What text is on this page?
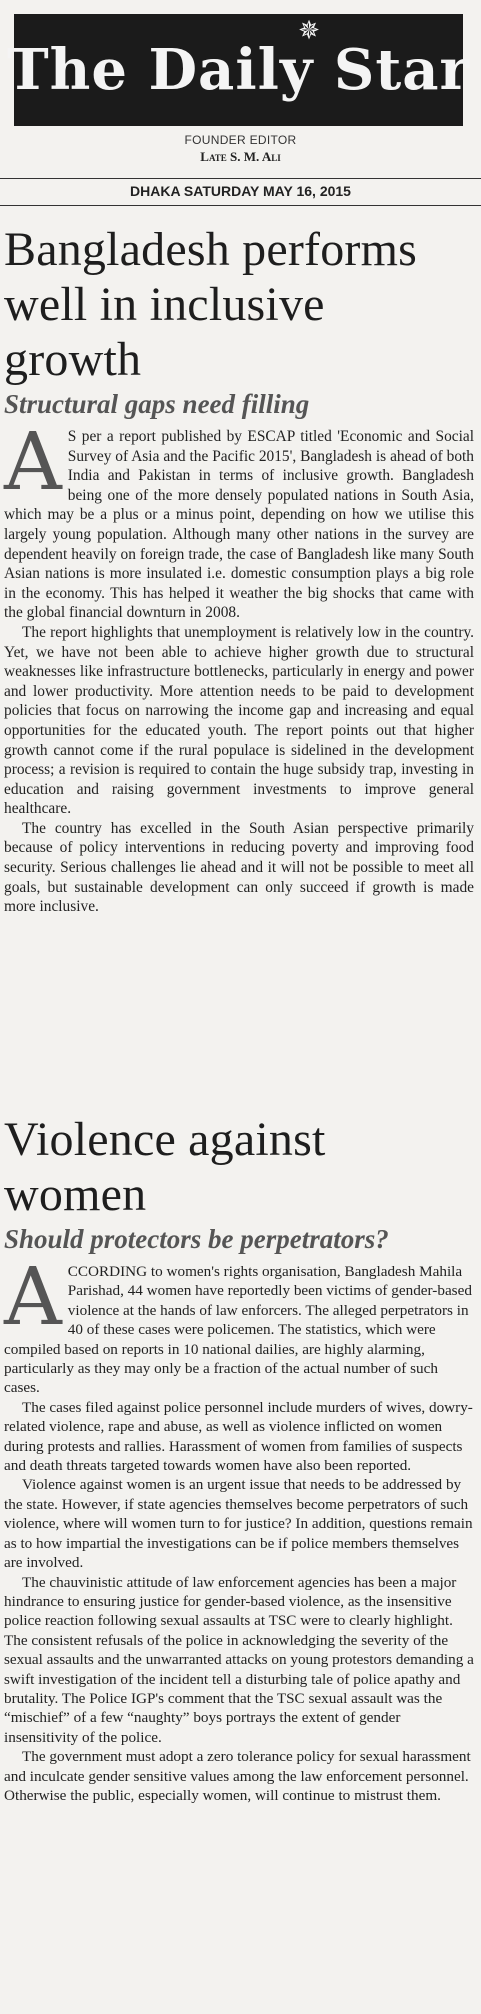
✵
The Daily Star
FOUNDER EDITOR
Late S. M. Ali
DHAKA SATURDAY MAY 16, 2015
Bangladesh performs well in inclusive growth
Structural gaps need filling
A S per a report published by ESCAP titled 'Economic and Social Survey of Asia and the Pacific 2015', Bangladesh is ahead of both India and Pakistan in terms of inclusive growth. Bangladesh being one of the more densely populated nations in South Asia, which may be a plus or a minus point, depending on how we utilise this largely young population. Although many other nations in the survey are dependent heavily on foreign trade, the case of Bangladesh like many South Asian nations is more insulated i.e. domestic consumption plays a big role in the economy. This has helped it weather the big shocks that came with the global financial downturn in 2008.

The report highlights that unemployment is relatively low in the country. Yet, we have not been able to achieve higher growth due to structural weaknesses like infrastructure bottlenecks, particularly in energy and power and lower productivity. More attention needs to be paid to development policies that focus on narrowing the income gap and increasing and equal opportunities for the educated youth. The report points out that higher growth cannot come if the rural populace is sidelined in the development process; a revision is required to contain the huge subsidy trap, investing in education and raising government investments to improve general healthcare.

The country has excelled in the South Asian perspective primarily because of policy interventions in reducing poverty and improving food security. Serious challenges lie ahead and it will not be possible to meet all goals, but sustainable development can only succeed if growth is made more inclusive.

Violence against women
Should protectors be perpetrators?
A CCORDING to women's rights organisation, Bangladesh Mahila Parishad, 44 women have reportedly been victims of gender-based violence at the hands of law enforcers. The alleged perpetrators in 40 of these cases were policemen. The statistics, which were compiled based on reports in 10 national dailies, are highly alarming, particularly as they may only be a fraction of the actual number of such cases.

The cases filed against police personnel include murders of wives, dowry-related violence, rape and abuse, as well as violence inflicted on women during protests and rallies. Harassment of women from families of suspects and death threats targeted towards women have also been reported.

Violence against women is an urgent issue that needs to be addressed by the state. However, if state agencies themselves become perpetrators of such violence, where will women turn to for justice? In addition, questions remain as to how impartial the investigations can be if police members themselves are involved.

The chauvinistic attitude of law enforcement agencies has been a major hindrance to ensuring justice for gender-based violence, as the insensitive police reaction following sexual assaults at TSC were to clearly highlight. The consistent refusals of the police in acknowledging the severity of the sexual assaults and the unwarranted attacks on young protestors demanding a swift investigation of the incident tell a disturbing tale of police apathy and brutality. The Police IGP's comment that the TSC sexual assault was the “mischief” of a few “naughty” boys portrays the extent of gender insensitivity of the police.

The government must adopt a zero tolerance policy for sexual harassment and inculcate gender sensitive values among the law enforcement personnel. Otherwise the public, especially women, will continue to mistrust them.
